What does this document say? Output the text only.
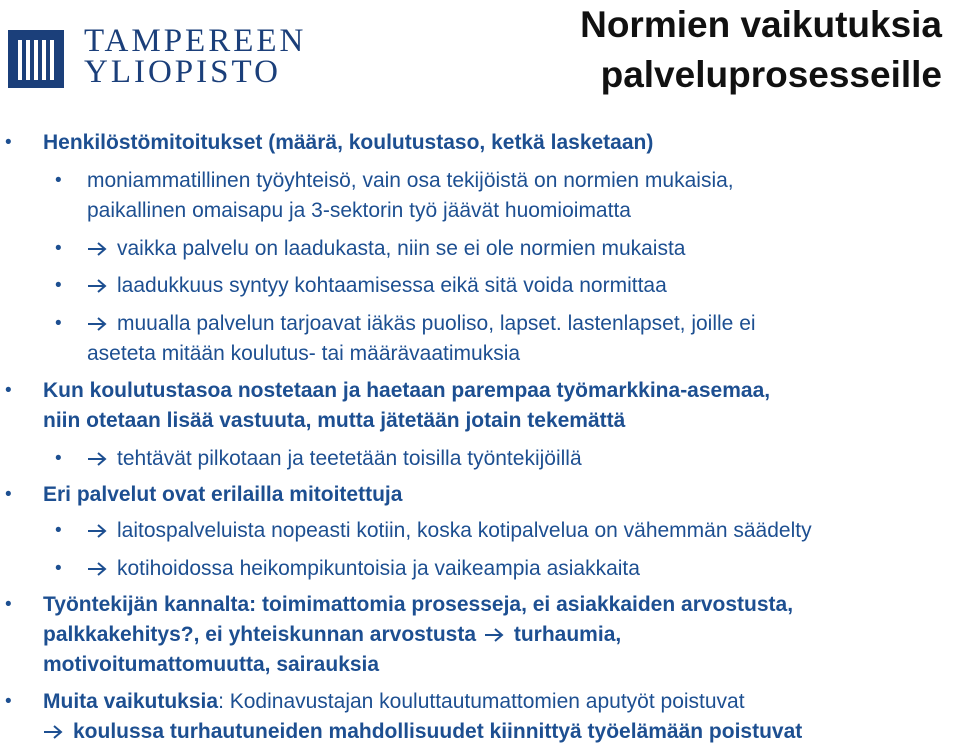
TAMPEREEN
YLIOPISTO
Normien vaikutuksia
palveluprosesseille
• Henkilöstömitoitukset (määrä, koulutustaso, ketkä lasketaan)
• moniammatillinen työyhteisö, vain osa tekijöistä on normien mukaisia,
paikallinen omaisapu ja 3-sektorin työ jäävät huomioimatta
•	vaikka palvelu on laadukasta, niin se ei ole normien mukaista
•	laadukkuus syntyy kohtaamisessa eikä sitä voida normittaa
•	muualla palvelun tarjoavat iäkäs puoliso, lapset. lastenlapset, joille ei
aseteta mitään koulutus- tai määrävaatimuksia
• Kun koulutustasoa nostetaan ja haetaan parempaa työmarkkina-asemaa,
niin otetaan lisää vastuuta, mutta jätetään jotain tekemättä
•	tehtävät pilkotaan ja teetetään toisilla työntekijöillä
• Eri palvelut ovat erilailla mitoitettuja
•	laitospalveluista nopeasti kotiin, koska kotipalvelua on vähemmän säädelty
•	kotihoidossa heikompikuntoisia ja vaikeampia asiakkaita
• Työntekijän kannalta: toimimattomia prosesseja, ei asiakkaiden arvostusta,
palkkakehitys?, ei yhteiskunnan arvostusta turhaumia,
motivoitumattomuutta, sairauksia
• Muita vaikutuksia: Kodinavustajan kouluttautumattomien aputyöt poistuvat
koulussa turhautuneiden mahdollisuudet kiinnittyä työelämään poistuvat
